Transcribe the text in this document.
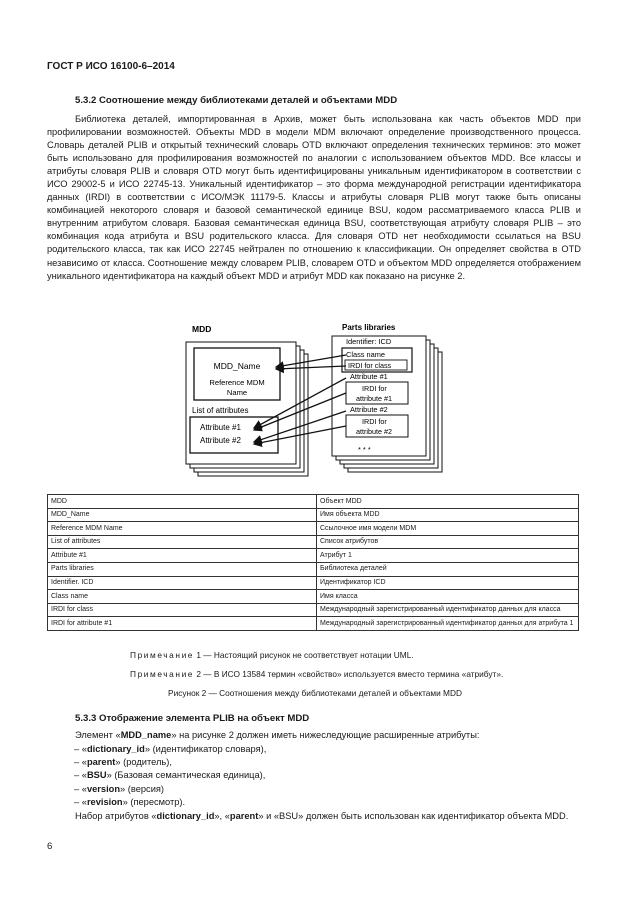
ГОСТ Р ИСО 16100-6–2014
5.3.2 Соотношение между библиотеками деталей и объектами MDD

Библиотека деталей, импортированная в Архив, может быть использована как часть объектов MDD при профилировании возможностей. Объекты MDD в модели MDM включают определение производственного процесса. Словарь деталей PLIB и открытый технический словарь OTD включают определения технических терминов: это может быть использовано для профилирования возможностей по аналогии с использованием объектов MDD. Все классы и атрибуты словаря PLIB и словаря OTD могут быть идентифицированы уникальным идентификатором в соответствии с ИСО 29002-5 и ИСО 22745-13. Уникальный идентификатор – это форма международной регистрации идентификатора данных (IRDI) в соответствии с ИСО/МЭК 11179-5. Классы и атрибуты словаря PLIB могут также быть описаны комбинацией некоторого словаря и базовой семантической единице BSU, кодом рассматриваемого класса PLIB и внутренним атрибутом словаря. Базовая семантическая единица BSU, соответствующая атрибуту словаря PLIB – это комбинация кода атрибута и BSU родительского класса. Для словаря OTD нет необходимости ссылаться на BSU родительского класса, так как ИСО 22745 нейтрален по отношению к классификации. Он определяет свойства в OTD независимо от класса. Соотношение между словарем PLIB, словарем OTD и объектом MDD определяется отображением уникального идентификатора на каждый объект MDD и атрибут MDD как показано на рисунке 2.

MDD
MDD_Name
Reference MDM
Name
List of attributes
Attribute #1
Attribute #2
Parts libraries
Identifier: ICD
Class name
IRDI for class
Attribute #1
IRDI for
attribute #1
Attribute #2
IRDI for
attribute #2
* * *
MDD	Объект MDD
MDD_Name	Имя объекта MDD
Reference MDM Name	Ссылочное имя модели MDM
List of attributes	Список атрибутов
Attribute #1	Атрибут 1
Parts libraries	Библиотека деталей
Identifier. ICD	Идентификатор ICD
Class name	Имя класса
IRDI for class	Международный зарегистрированный идентификатор данных для класса
IRDI for attribute #1	Международный зарегистрированный идентификатор данных для атрибута 1
Примечание 1 — Настоящий рисунок не соответствует нотации UML.
Примечание 2 — В ИСО 13584 термин «свойство» используется вместо термина «атрибут».
Рисунок 2 — Соотношения между библиотеками деталей и объектами MDD
5.3.3 Отображение элемента PLIB на объект MDD
Элемент «MDD_name» на рисунке 2 должен иметь нижеследующие расширенные атрибуты:
– «dictionary_id» (идентификатор словаря),
– «parent» (родитель),
– «BSU» (Базовая семантическая единица),
– «version» (версия)
– «revision» (пересмотр).

Набор атрибутов «dictionary_id», «parent» и «BSU» должен быть использован как идентификатор объекта MDD.

6
